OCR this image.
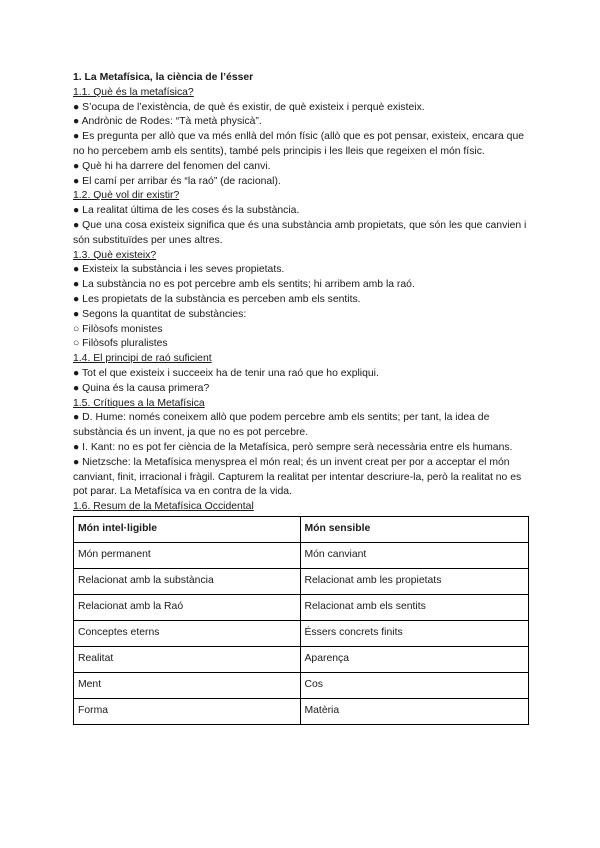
1. La Metafísica, la ciència de l’ésser
1.1. Què és la metafísica?
● S’ocupa de l’existència, de què és existir, de què existeix i perquè existeix.
● Andrònic de Rodes: “Tà metà physicà”.
● Es pregunta per allò que va més enllà del món físic (allò que es pot pensar, existeix, encara que no ho percebem amb els sentits), també pels principis i les lleis que regeixen el món físic.
● Què hi ha darrere del fenomen del canvi.
● El camí per arribar és “la raó” (de racional).
1.2. Què vol dir existir?
● La realitat última de les coses és la substància.
● Que una cosa existeix significa que és una substància amb propietats, que són les que canvien i són substituïdes per unes altres.
1.3. Què existeix?
● Existeix la substància i les seves propietats.
● La substància no es pot percebre amb els sentits; hi arribem amb la raó.
● Les propietats de la substància es perceben amb els sentits.
● Segons la quantitat de substàncies:
○ Filòsofs monistes
○ Filòsofs pluralistes
1.4. El principi de raó suficient
● Tot el que existeix i succeeix ha de tenir una raó que ho expliqui.
● Quina és la causa primera?
1.5. Crítiques a la Metafísica
● D. Hume: només coneixem allò que podem percebre amb els sentits; per tant, la idea de substància és un invent, ja que no es pot percebre.
● I. Kant: no es pot fer ciència de la Metafísica, però sempre serà necessària entre els humans.
● Nietzsche: la Metafísica menysprea el món real; és un invent creat per por a acceptar el món canviant, finit, irracional i fràgil. Capturem la realitat per intentar descriure-la, però la realitat no es pot parar. La Metafísica va en contra de la vida.
1.6. Resum de la Metafísica Occidental
Món intel·ligible	Món sensible
Món permanent	Món canviant
Relacionat amb la substància	Relacionat amb les propietats
Relacionat amb la Raó	Relacionat amb els sentits
Conceptes eterns	Éssers concrets finits
Realitat	Aparença
Ment	Cos
Forma	Matèria
